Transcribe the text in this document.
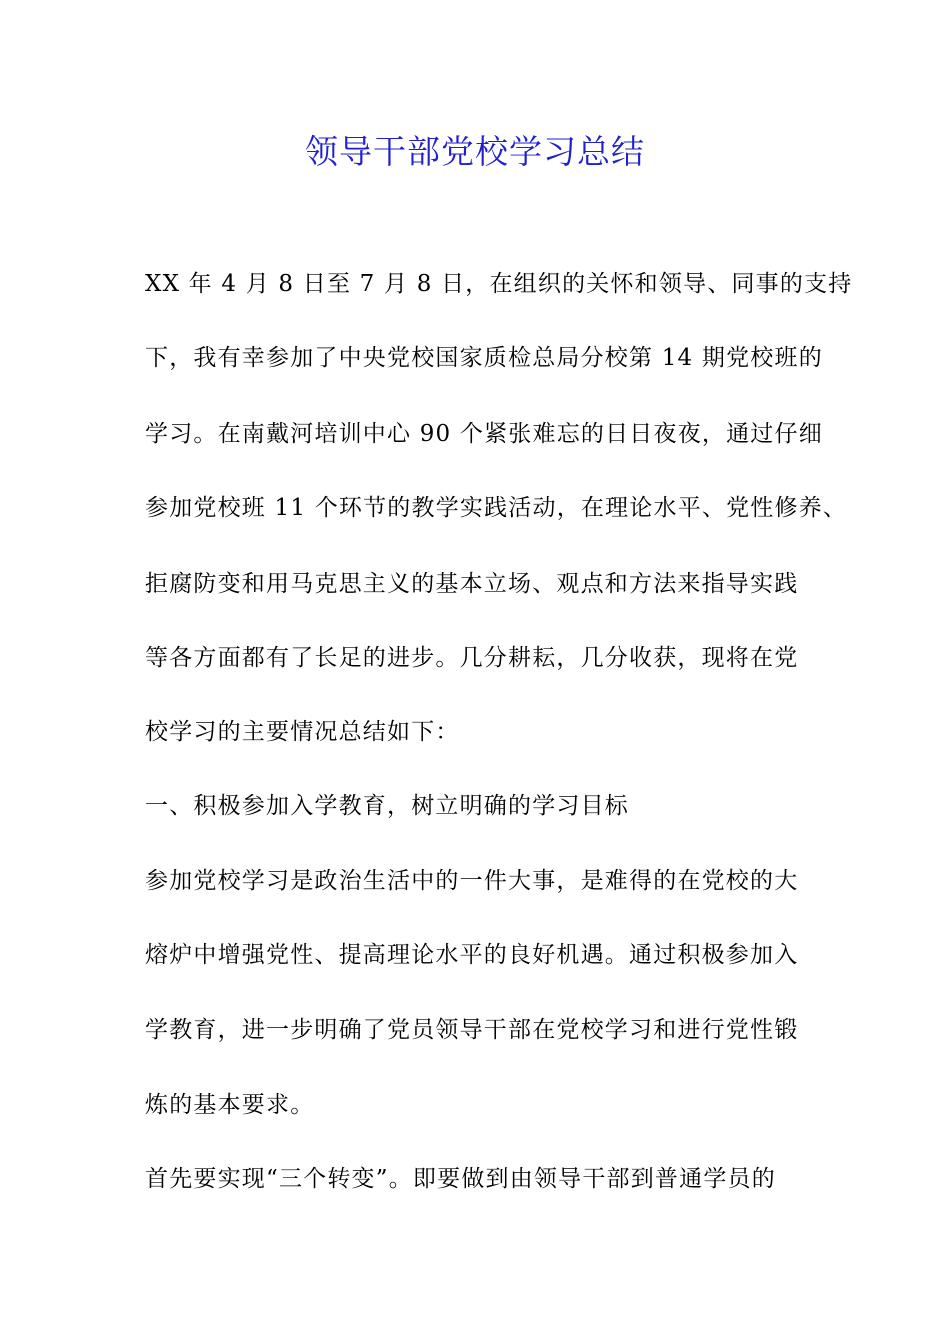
领导干部党校学习总结
XX 年 4 月 8 日至 7 月 8 日，在组织的关怀和领导、同事的支持
下，我有幸参加了中央党校国家质检总局分校第 14 期党校班的
学习。在南戴河培训中心 90 个紧张难忘的日日夜夜，通过仔细
参加党校班 11 个环节的教学实践活动，在理论水平、党性修养、
拒腐防变和用马克思主义的基本立场、观点和方法来指导实践
等各方面都有了长足的进步。几分耕耘，几分收获，现将在党
校学习的主要情况总结如下：
一、积极参加入学教育，树立明确的学习目标
参加党校学习是政治生活中的一件大事，是难得的在党校的大
熔炉中增强党性、提高理论水平的良好机遇。通过积极参加入
学教育，进一步明确了党员领导干部在党校学习和进行党性锻
炼的基本要求。
首先要实现“三个转变”。即要做到由领导干部到普通学员的
